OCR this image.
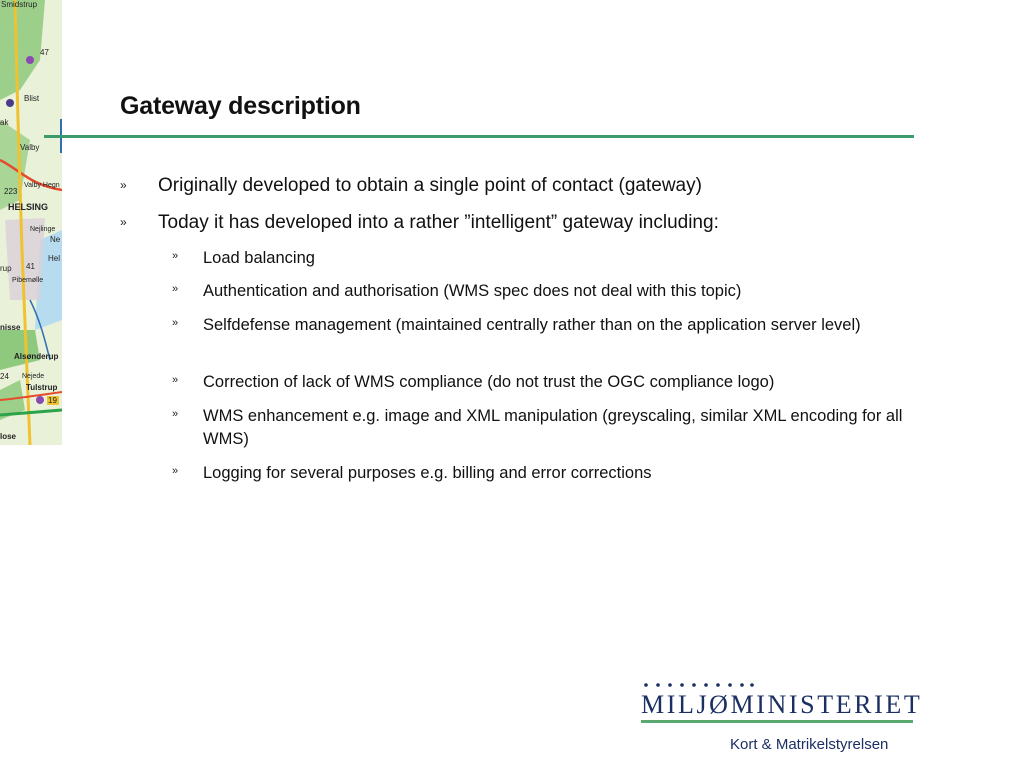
Smidstrup
47
Blist
ak
Valby
Valby Hegn
223
HELSING
Nejlinge
Ne
Hel
rup 41
Pibemølle
nisse
Alsønderup
24 Nejede
Tulstrup
19
lose
Gateway description
» Originally developed to obtain a single point of contact (gateway)
» Today it has developed into a rather ”intelligent” gateway including:
» Load balancing
» Authentication and authorisation (WMS spec does not deal with this topic)
» Selfdefense management (maintained centrally rather than on the application server level)
» Correction of lack of WMS compliance (do not trust the OGC compliance logo)
» WMS enhancement e.g. image and XML manipulation (greyscaling, similar XML encoding for all WMS)
» Logging for several purposes e.g. billing and error corrections
MILJØMINISTERIET
Kort & Matrikelstyrelsen
